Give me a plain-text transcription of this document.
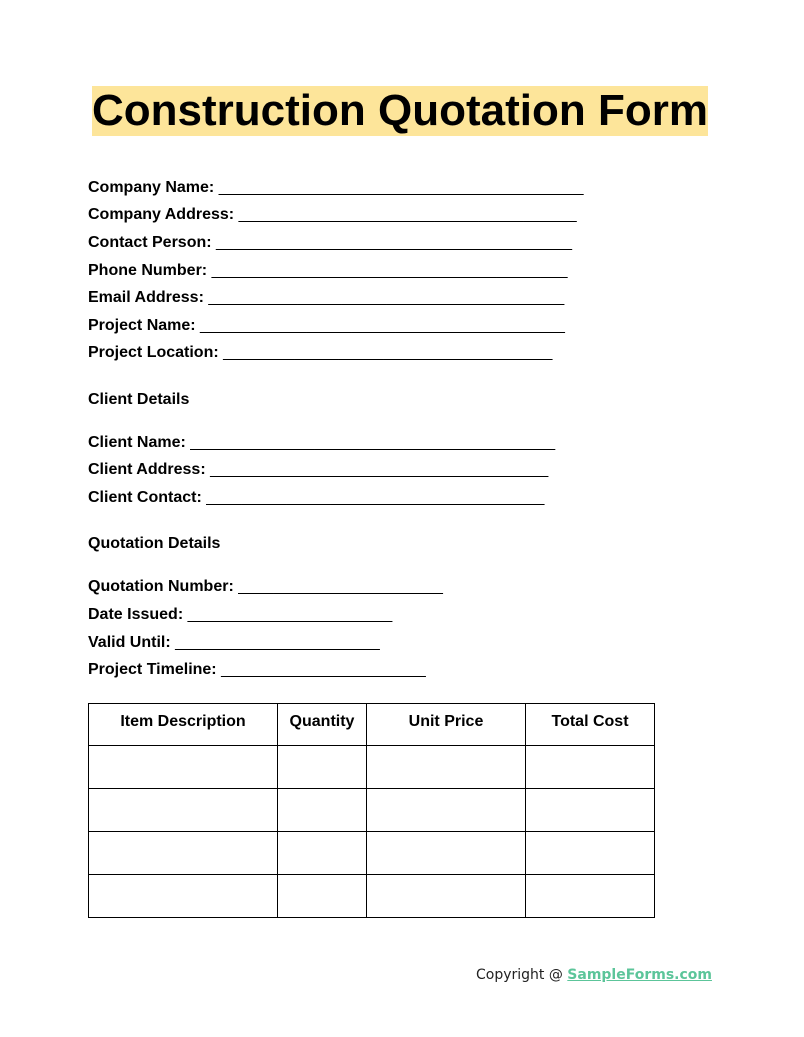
Construction Quotation Form
Company Name: _________________________________________
Company Address: ______________________________________
Contact Person: ________________________________________
Phone Number: ________________________________________
Email Address: ________________________________________
Project Name: _________________________________________
Project Location: _____________________________________
Client Details
Client Name: _________________________________________
Client Address: ______________________________________
Client Contact: ______________________________________
Quotation Details
Quotation Number: _______________________
Date Issued: _______________________
Valid Until: _______________________
Project Timeline: _______________________
Item Description	Quantity	Unit Price	Total Cost

Copyright @ SampleForms.com
